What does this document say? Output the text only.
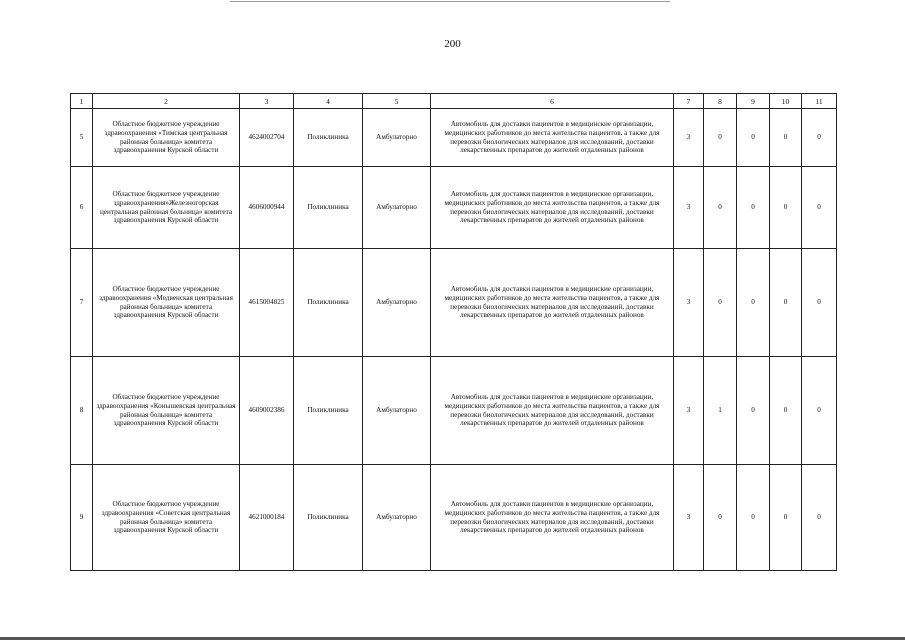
200
1	2	3	4	5	6	7	8	9	10	11
5	Областное бюджетное учреждение здравоохранения «Тимская центральная районная больница» комитета здравоохранения Курской области	4624002704	Поликлиника	Амбулаторно	Автомобиль для доставки пациентов в медицинские организации, медицинских работников до места жительства пациентов, а также для перевозки биологических материалов для исследований, доставки лекарственных препаратов до жителей отдаленных районов	3	0	0	0	0
6	Областное бюджетное учреждение здравоохранения»Железногорская центральная районная больница» комитета здравоохранения Курской области	4606000944	Поликлиника	Амбулаторно	Автомобиль для доставки пациентов в медицинские организации, медицинских работников до места жительства пациентов, а также для перевозки биологических материалов для исследований, доставки лекарственных препаратов до жителей отдаленных районов	3	0	0	0	0
7	Областное бюджетное учреждение здравоохранения «Медвенская центральная районная больница» комитета здравоохранения Курской области	4615004825	Поликлиника	Амбулаторно	Автомобиль для доставки пациентов в медицинские организации, медицинских работников до места жительства пациентов, а также для перевозки биологических материалов для исследований, доставки лекарственных препаратов до жителей отдаленных районов	3	0	0	0	0
8	Областное бюджетное учреждение здравоохранения «Конышевская центральная районная больница» комитета здравоохранения Курской области	4609002386	Поликлиника	Амбулаторно	Автомобиль для доставки пациентов в медицинские организации, медицинских работников до места жительства пациентов, а также для перевозки биологических материалов для исследований, доставки лекарственных препаратов до жителей отдаленных районов	3	1	0	0	0
9	Областное бюджетное учреждение здравоохранения «Советская центральная районная больница» комитета здравоохранения Курской области	4621000184	Поликлиника	Амбулаторно	Автомобиль для доставки пациентов в медицинские организации, медицинских работников до места жительства пациентов, а также для перевозки биологических материалов для исследований, доставки лекарственных препаратов до жителей отдаленных районов	3	0	0	0	0
